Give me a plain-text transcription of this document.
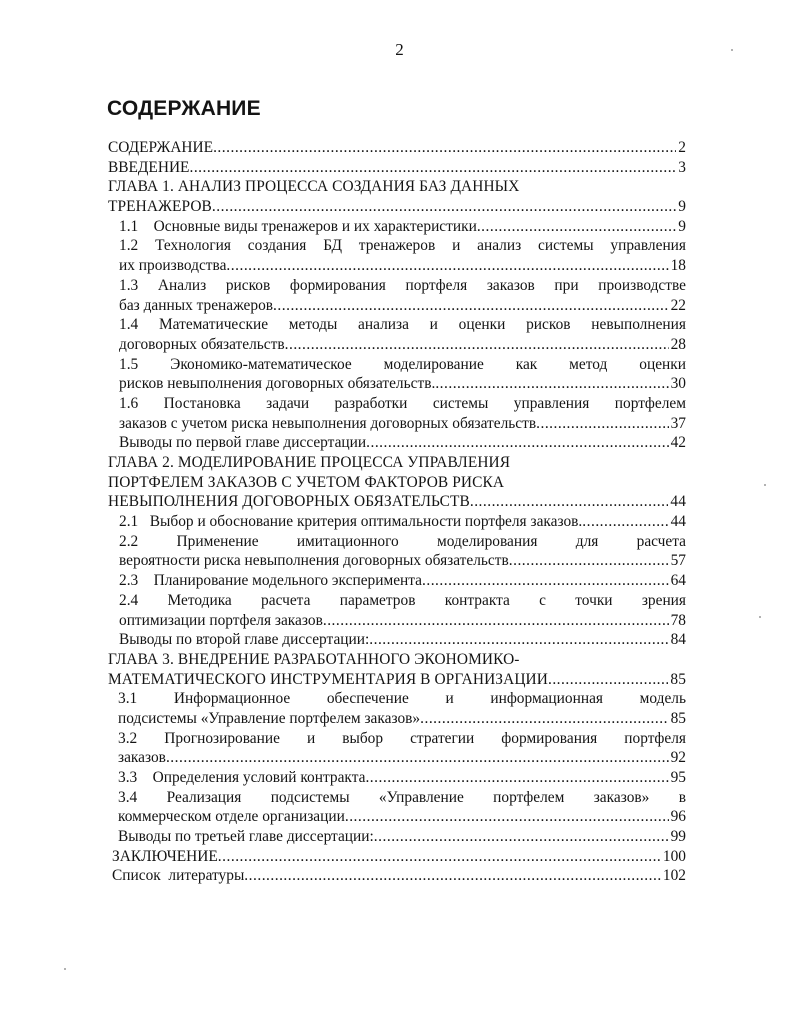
2
СОДЕРЖАНИЕ
СОДЕРЖАНИЕ .....	2
ВВЕДЕНИЕ .....	3
ГЛАВА 1. АНАЛИЗ ПРОЦЕССА СОЗДАНИЯ БАЗ ДАННЫХ
ТРЕНАЖЕРОВ .....	9
1.1    Основные виды тренажеров и их характеристики .....	9
1.2 Технология создания БД тренажеров и анализ системы управления
их производства .....	18
1.3 Анализ рисков формирования портфеля заказов при производстве
баз данных тренажеров .....	22
1.4 Математические методы анализа и оценки рисков невыполнения
договорных обязательств .....	28
1.5 Экономико-математическое моделирование как метод оценки
рисков невыполнения договорных обязательств. .....	30
1.6 Постановка задачи разработки системы управления портфелем
заказов с учетом риска невыполнения договорных обязательств .....	37
Выводы по первой главе диссертации .....	42
ГЛАВА 2. МОДЕЛИРОВАНИЕ ПРОЦЕССА УПРАВЛЕНИЯ
ПОРТФЕЛЕМ ЗАКАЗОВ С УЧЕТОМ ФАКТОРОВ РИСКА
НЕВЫПОЛНЕНИЯ ДОГОВОРНЫХ ОБЯЗАТЕЛЬСТВ .....	44
2.1   Выбор и обоснование критерия оптимальности портфеля заказов. .....	44
2.2 Применение имитационного моделирования для расчета
вероятности риска невыполнения договорных обязательств .....	57
2.3    Планирование модельного эксперимента .....	64
2.4 Методика расчета параметров контракта с точки зрения
оптимизации портфеля заказов .....	78
Выводы по второй главе диссертации: .....	84
ГЛАВА 3. ВНЕДРЕНИЕ РАЗРАБОТАННОГО ЭКОНОМИКО-
МАТЕМАТИЧЕСКОГО ИНСТРУМЕНТАРИЯ В ОРГАНИЗАЦИИ .....	85
3.1 Информационное обеспечение и информационная модель
подсистемы «Управление портфелем заказов» .....	85
3.2 Прогнозирование и выбор стратегии формирования портфеля
заказов .....	92
3.3    Определения условий контракта .....	95
3.4 Реализация подсистемы «Управление портфелем заказов» в
коммерческом отделе организации .....	96
Выводы по третьей главе диссертации: .....	99
ЗАКЛЮЧЕНИЕ .....	100
Список  литературы .....	102
